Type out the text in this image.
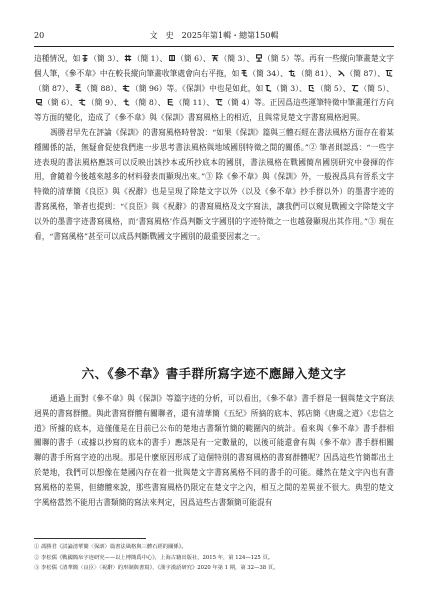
20	文　史　2025年第1輯・總第150輯

這種情况，如 （簡 3）、 （簡 1）、 （簡 6）、 （簡 3）、 （簡 5）等。再有一些縱向筆畫楚文字個人筆，《參不韋》中在較長縱向筆畫收筆處會向右平拖，如 （簡 34）、 （簡 81）、 （簡 87）、
（簡 87）、 （簡 88）、 （簡 96）等。《保訓》中也是如此，如 （簡 3）、 （簡 5）、 （簡 5）、
（簡 6）、 （簡 9）、 （簡 8）、 （簡 11）、 （簡 4）等。正因爲這些運筆特徵中筆畫運行方向等方面的變化，造成了《參不韋》與《保訓》書寫風格上的相近，且與常見楚文字書寫風格迥異。

馮勝君早先在評論《保訓》的書寫風格時曾說：“如果《保訓》篇與三體石經在書法風格方面存在着某種關係的話，無疑會促使我們進一步思考書法風格與地域國別特徵之間的關係。”② 筆者則認爲：“一些字迹表現的書法風格應該可以反映出該抄本或所抄底本的國別，書法風格在戰國簡帛國別研究中發揮的作用，會隨着今後越來越多的材料發表而顯現出來。”③ 除《參不韋》與《保訓》外，一般視爲具有晉系文字特徵的清華簡《良臣》與《祝辭》也是呈現了除楚文字以外（以及《參不韋》抄手群以外）的墨書字迹的書寫風格，筆者也提到：“《良臣》與《祝辭》的書寫風格及文字寫法，讓我們可以窺見戰國文字除楚文字以外的墨書字迹書寫風格，而‘書寫風格’作爲判斷文字國別的字迹特徵之一也越發顯現出其作用。”③ 現在看，“書寫風格”甚至可以成爲判斷戰國文字國別的最重要因素之一。

六、《參不韋》書手群所寫字迹不應歸入楚文字

通過上面對《參不韋》與《保訓》等篇字迹的分析，可以看出，《參不韋》書手群是一個與楚文字寫法迥異的書寫群體。與此書寫群體有關聯者，還有清華簡《五紀》所摘的底本、郭店簡《唐虞之道》《忠信之道》所據的底本，這僅僅是在目前已公布的楚地古書類竹簡的範圍內的統計。看來與《參不韋》書手群相關聯的書手（或據以抄寫的底本的書手）應該是有一定數量的，以後可能還會有與《參不韋》書手群相關聯的書手所寫字迹的出現。那是什麼原因形成了這個特別的書寫風格的書寫群體呢？因爲這些竹簡都出土於楚地，我們可以想像在楚國內存在着一批與楚文字書寫風格不同的書手的可能。雖然在楚文字內也有書寫風格的差異，但總體來說，那些書寫風格仍限定在楚文字之內，相互之間的差異並不很大。典型的楚文字風格當然不能用古書類簡的寫法來判定，因爲這些古書類簡可能混有

① 馮勝君《試論清華簡〈保訓〉篇書法風格與三體石經的關係》。

② 李松儒《戰國簡帛字迹研究——以上博簡爲中心》，上海古籍出版社，2015 年，第 124—125 頁。

③ 李松儒《清華簡〈良臣〉〈祝辭〉的形制與書寫》，《漢字漢語研究》2020 年第 1 期，第 32—38 頁。
